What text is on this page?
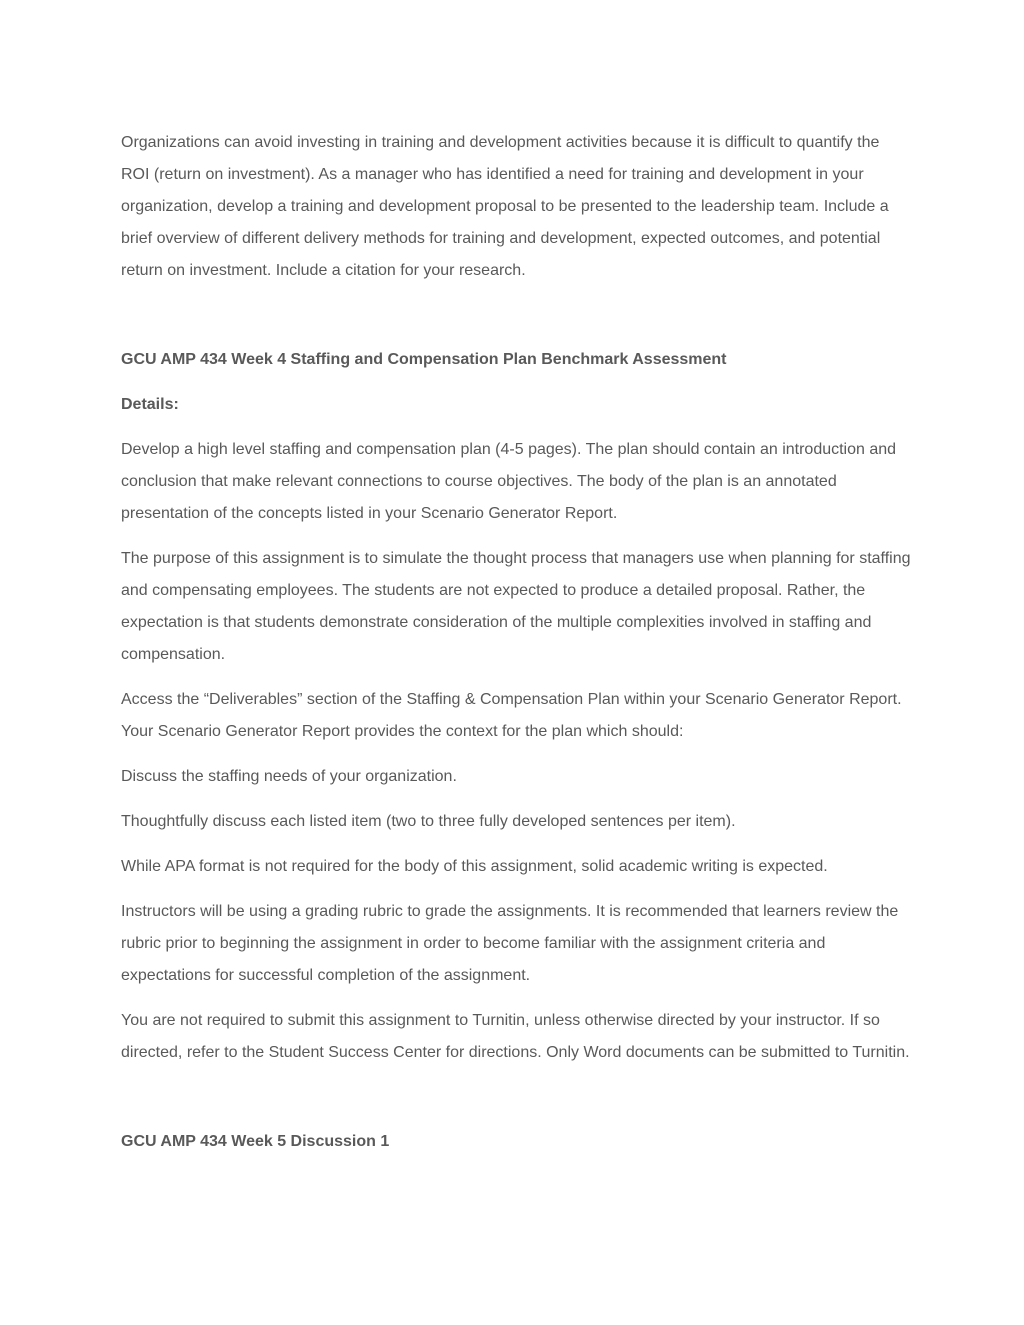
Organizations can avoid investing in training and development activities because it is difficult to quantify the ROI (return on investment). As a manager who has identified a need for training and development in your organization, develop a training and development proposal to be presented to the leadership team. Include a brief overview of different delivery methods for training and development, expected outcomes, and potential return on investment. Include a citation for your research.

GCU AMP 434 Week 4 Staffing and Compensation Plan Benchmark Assessment

Details:

Develop a high level staffing and compensation plan (4-5 pages). The plan should contain an introduction and conclusion that make relevant connections to course objectives. The body of the plan is an annotated presentation of the concepts listed in your Scenario Generator Report.

The purpose of this assignment is to simulate the thought process that managers use when planning for staffing and compensating employees. The students are not expected to produce a detailed proposal. Rather, the expectation is that students demonstrate consideration of the multiple complexities involved in staffing and compensation.

Access the “Deliverables” section of the Staffing & Compensation Plan within your Scenario Generator Report. Your Scenario Generator Report provides the context for the plan which should:

Discuss the staffing needs of your organization.

Thoughtfully discuss each listed item (two to three fully developed sentences per item).

While APA format is not required for the body of this assignment, solid academic writing is expected.

Instructors will be using a grading rubric to grade the assignments. It is recommended that learners review the rubric prior to beginning the assignment in order to become familiar with the assignment criteria and expectations for successful completion of the assignment.

You are not required to submit this assignment to Turnitin, unless otherwise directed by your instructor. If so directed, refer to the Student Success Center for directions. Only Word documents can be submitted to Turnitin.

GCU AMP 434 Week 5 Discussion 1
